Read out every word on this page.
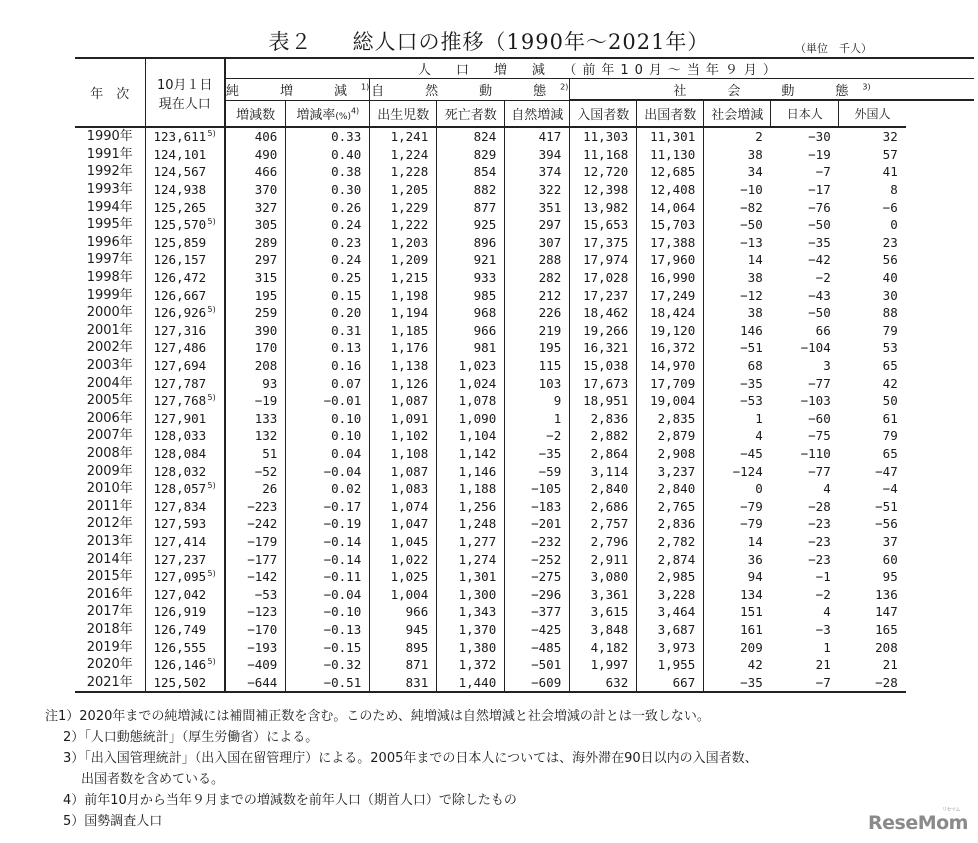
表２ 総人口の推移（1990年～2021年）	（単位　千人）
年　次	10月１日
現在人口	人　口　増　減　（前年10月～当年９月）									
		純　増　減$^{1)}$		自　然　動　態$^{2)}$			社　会　動　態$^{3)}$
		増減数	増減率(%)$^{4)}$	出生児数	死亡者数	自然増減	入国者数	出国者数	社会増減	日本人	外国人
1990年	123,611 5)	406	0.33	1,241	824	417	11,303	11,301	2	−30	32
1991年	124,101	490	0.40	1,224	829	394	11,168	11,130	38	−19	57
1992年	124,567	466	0.38	1,228	854	374	12,720	12,685	34	−7	41
1993年	124,938	370	0.30	1,205	882	322	12,398	12,408	−10	−17	8
1994年	125,265	327	0.26	1,229	877	351	13,982	14,064	−82	−76	−6
1995年	125,570 5)	305	0.24	1,222	925	297	15,653	15,703	−50	−50	0
1996年	125,859	289	0.23	1,203	896	307	17,375	17,388	−13	−35	23
1997年	126,157	297	0.24	1,209	921	288	17,974	17,960	14	−42	56
1998年	126,472	315	0.25	1,215	933	282	17,028	16,990	38	−2	40
1999年	126,667	195	0.15	1,198	985	212	17,237	17,249	−12	−43	30
2000年	126,926 5)	259	0.20	1,194	968	226	18,462	18,424	38	−50	88
2001年	127,316	390	0.31	1,185	966	219	19,266	19,120	146	66	79
2002年	127,486	170	0.13	1,176	981	195	16,321	16,372	−51	−104	53
2003年	127,694	208	0.16	1,138	1,023	115	15,038	14,970	68	3	65
2004年	127,787	93	0.07	1,126	1,024	103	17,673	17,709	−35	−77	42
2005年	127,768 5)	−19	−0.01	1,087	1,078	9	18,951	19,004	−53	−103	50
2006年	127,901	133	0.10	1,091	1,090	1	2,836	2,835	1	−60	61
2007年	128,033	132	0.10	1,102	1,104	−2	2,882	2,879	4	−75	79
2008年	128,084	51	0.04	1,108	1,142	−35	2,864	2,908	−45	−110	65
2009年	128,032	−52	−0.04	1,087	1,146	−59	3,114	3,237	−124	−77	−47
2010年	128,057 5)	26	0.02	1,083	1,188	−105	2,840	2,840	0	4	−4
2011年	127,834	−223	−0.17	1,074	1,256	−183	2,686	2,765	−79	−28	−51
2012年	127,593	−242	−0.19	1,047	1,248	−201	2,757	2,836	−79	−23	−56
2013年	127,414	−179	−0.14	1,045	1,277	−232	2,796	2,782	14	−23	37
2014年	127,237	−177	−0.14	1,022	1,274	−252	2,911	2,874	36	−23	60
2015年	127,095 5)	−142	−0.11	1,025	1,301	−275	3,080	2,985	94	−1	95
2016年	127,042	−53	−0.04	1,004	1,300	−296	3,361	3,228	134	−2	136
2017年	126,919	−123	−0.10	966	1,343	−377	3,615	3,464	151	4	147
2018年	126,749	−170	−0.13	945	1,370	−425	3,848	3,687	161	−3	165
2019年	126,555	−193	−0.15	895	1,380	−485	4,182	3,973	209	1	208
2020年	126,146 5)	−409	−0.32	871	1,372	−501	1,997	1,955	42	21	21
2021年	125,502	−644	−0.51	831	1,440	−609	632	667	−35	−7	−28
注1）2020年までの純増減には補間補正数を含む。このため、純増減は自然増減と社会増減の計とは一致しない。
2）「人口動態統計」（厚生労働省）による。
3）「出入国管理統計」（出入国在留管理庁）による。2005年までの日本人については、海外滞在90日以内の入国者数、
出国者数を含めている。
4）前年10月から当年９月までの増減数を前年人口（期首人口）で除したもの
5）国勢調査人口	ReseMom
リセマム
